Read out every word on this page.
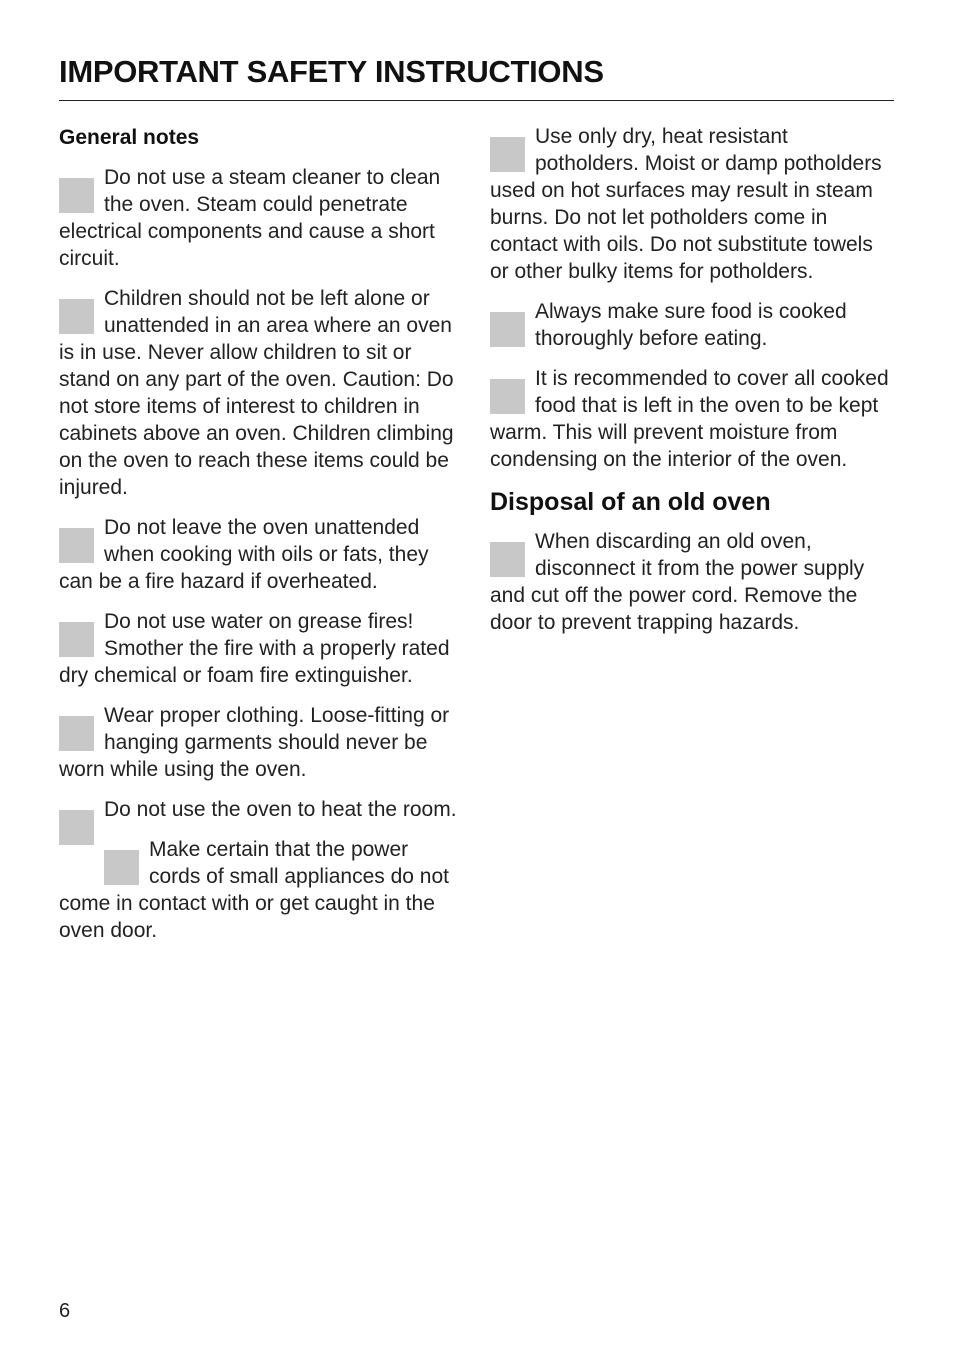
IMPORTANT SAFETY INSTRUCTIONS
General notes

Do not use a steam cleaner to clean the oven. Steam could penetrate electrical components and cause a short circuit.

Children should not be left alone or unattended in an area where an oven is in use. Never allow children to sit or stand on any part of the oven. Caution: Do not store items of interest to children in cabinets above an oven. Children climbing on the oven to reach these items could be injured.

Do not leave the oven unattended when cooking with oils or fats, they can be a fire hazard if overheated.

Do not use water on grease fires! Smother the fire with a properly rated dry chemical or foam fire extinguisher.

Wear proper clothing. Loose-fitting or hanging garments should never be worn while using the oven.

Do not use the oven to heat the room.

Make certain that the power cords of small appliances do not come in contact with or get caught in the oven door.

Use only dry, heat resistant potholders. Moist or damp potholders used on hot surfaces may result in steam burns. Do not let potholders come in contact with oils. Do not substitute towels or other bulky items for potholders.

Always make sure food is cooked thoroughly before eating.

It is recommended to cover all cooked food that is left in the oven to be kept warm. This will prevent moisture from condensing on the interior of the oven.

Disposal of an old oven

When discarding an old oven, disconnect it from the power supply and cut off the power cord. Remove the door to prevent trapping hazards.

6
